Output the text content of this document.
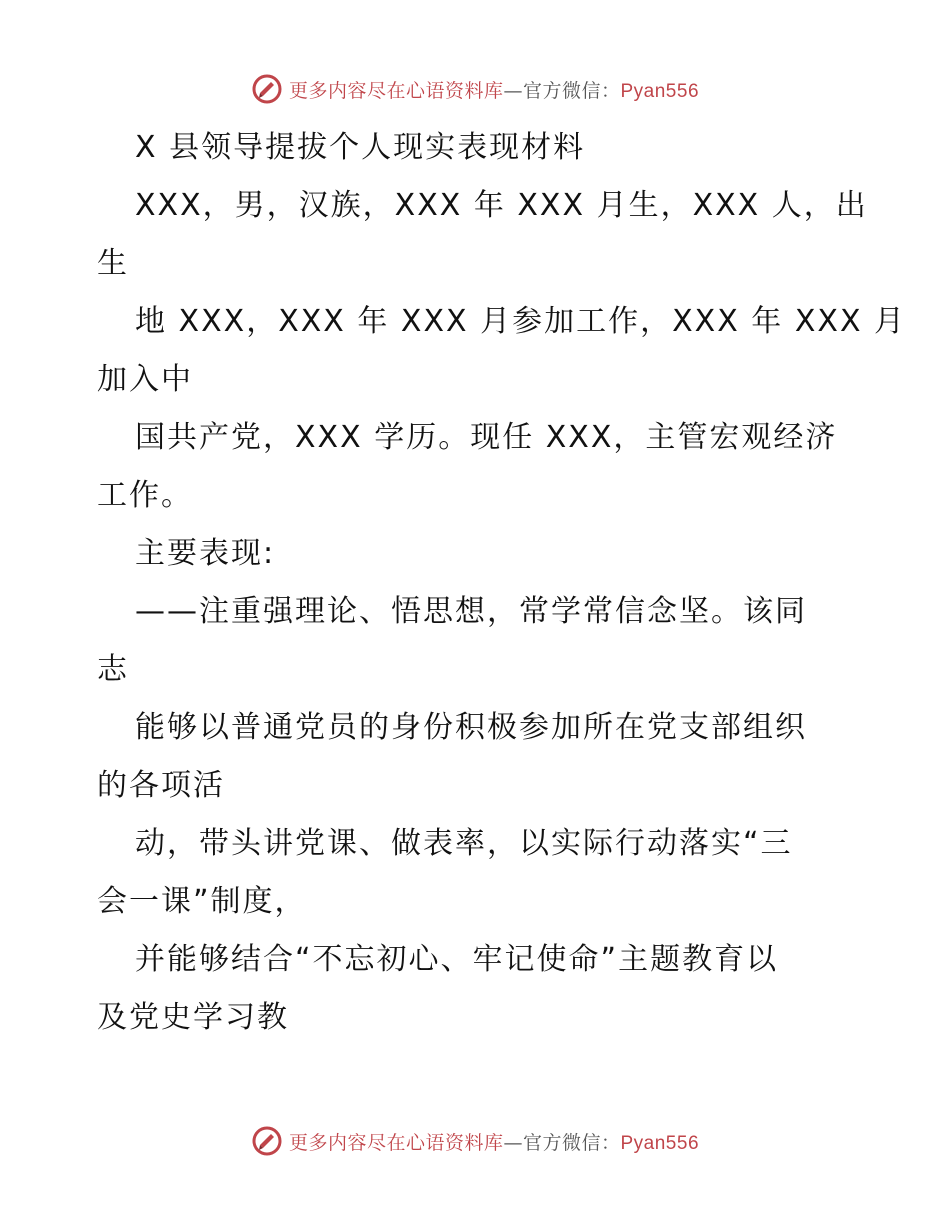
更多内容尽在心语资料库—官方微信：Pyan556
X 县领导提拔个人现实表现材料
XXX，男，汉族，XXX 年 XXX 月生，XXX 人，出
生
地 XXX，XXX 年 XXX 月参加工作，XXX 年 XXX 月
加入中
国共产党，XXX 学历。现任 XXX，主管宏观经济
工作。
主要表现:
——注重强理论、悟思想，常学常信念坚。该同
志
能够以普通党员的身份积极参加所在党支部组织
的各项活
动，带头讲党课、做表率，以实际行动落实“三
会一课”制度，
并能够结合“不忘初心、牢记使命”主题教育以
及党史学习教
更多内容尽在心语资料库—官方微信：Pyan556
